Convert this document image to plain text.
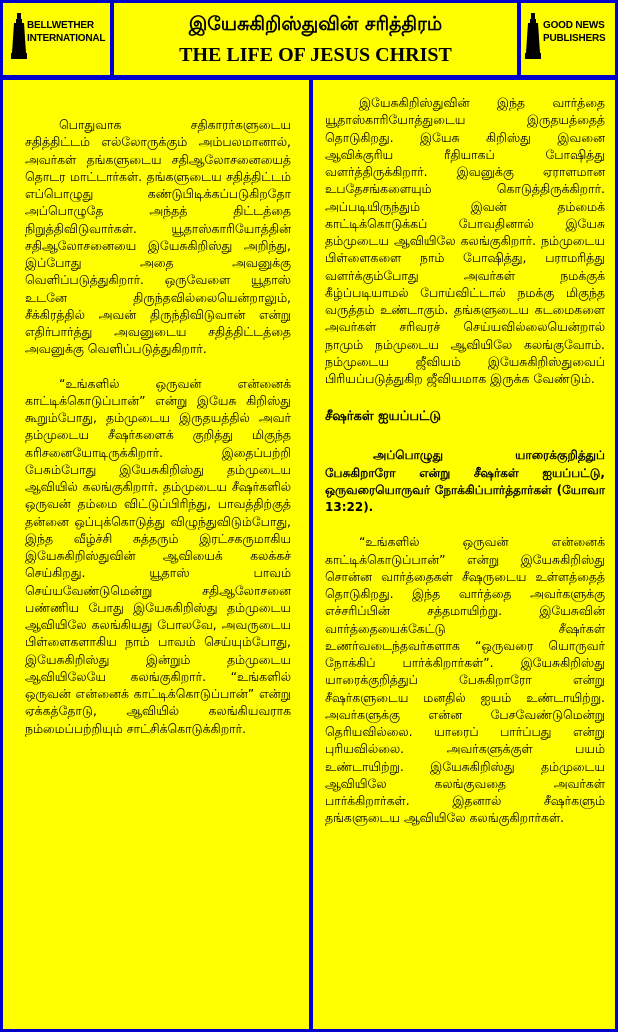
BELLWETHER
INTERNATIONAL
இயேசுகிறிஸ்துவின் சரித்திரம்
THE LIFE OF JESUS CHRIST
GOOD NEWS
PUBLISHERS

பொதுவாக சதிகாரர்களுடைய சதித்திட்டம் எல்லோருக்கும் அம்பலமானால், அவர்கள் தங்களுடைய சதிஆலோசனையைத் தொடர மாட்டார்கள். தங்களுடைய சதித்திட்டம் எப்பொழுது கண்டுபிடிக்கப்படுகிறதோ அப்பொழுதே அந்தத் திட்டத்தை நிறுத்திவிடுவார்கள். யூதாஸ்காரியோத்தின் சதிஆலோசனையை இயேசுகிறிஸ்து அறிந்து, இப்போது அதை அவனுக்கு வெளிப்படுத்துகிறார். ஒருவேளை யூதாஸ் உடனே திருந்தவில்லையென்றாலும், சீக்கிரத்தில் அவன் திருந்திவிடுவான் என்று எதிர்பார்த்து அவனுடைய சதித்திட்டத்தை அவனுக்கு வெளிப்படுத்துகிறார்.

“உங்களில் ஒருவன் என்னைக் காட்டிக்கொடுப்பான்” என்று இயேசு கிறிஸ்து கூறும்போது, தம்முடைய இருதயத்தில் அவர் தம்முடைய சீஷர்களைக் குறித்து மிகுந்த கரிசனையோடிருக்கிறார். இதைப்பற்றி பேசும்போது இயேசுகிறிஸ்து தம்முடைய ஆவியில் கலங்குகிறார். தம்முடைய சீஷர்களில் ஒருவன் தம்மை விட்டுப்பிரிந்து, பாவத்திற்குத் தன்னை ஒப்புக்கொடுத்து விழுந்துவிடும்போது, இந்த வீழ்ச்சி சுத்தரும் இரட்சகருமாகிய இயேசுகிறிஸ்துவின் ஆவியைக் கலக்கச் செய்கிறது. யூதாஸ் பாவம் செய்யவேண்டுமென்று சதிஆலோசனை பண்ணிய போது இயேசுகிறிஸ்து தம்முடைய ஆவியிலே கலங்கியது போலவே, அவருடைய பிள்ளைகளாகிய நாம் பாவம் செய்யும்போது, இயேசுகிறிஸ்து இன்றும் தம்முடைய ஆவியிலேயே கலங்குகிறார். “உங்களில் ஒருவன் என்னைக் காட்டிக்கொடுப்பான்” என்று ஏக்கத்தோடு, ஆவியில் கலங்கியவராக நம்மைப்பற்றியும் சாட்சிக்கொடுக்கிறார்.

இயேசுகிறிஸ்துவின் இந்த வார்த்தை யூதாஸ்காரியோத்துடைய இருதயத்தைத் தொடுகிறது. இயேசு கிறிஸ்து இவனை ஆவிக்குரிய ரீதியாகப் போஷித்து வளர்த்திருக்கிறார். இவனுக்கு ஏராளமான உபதேசங்களையும் கொடுத்திருக்கிறார். அப்படியிருந்தும் இவன் தம்மைக் காட்டிக்கொடுக்கப் போவதினால் இயேசு தம்முடைய ஆவியிலே கலங்குகிறார். நம்முடைய பிள்ளைகளை நாம் போஷித்து, பராமரித்து வளர்க்கும்போது அவர்கள் நமக்குக் கீழ்ப்படியாமல் போய்விட்டால் நமக்கு மிகுந்த வருத்தம் உண்டாகும். தங்களுடைய கடமைகளை அவர்கள் சரிவரச் செய்யவில்லையென்றால் நாமும் நம்முடைய ஆவியிலே கலங்குவோம். நம்முடைய ஜீவியம் இயேசுகிறிஸ்துவைப் பிரியப்படுத்துகிற ஜீவியமாக இருக்க வேண்டும்.

சீஷர்கள் ஐயப்பட்டு

அப்பொழுது யாரைக்குறித்துப் பேசுகிறாரோ என்று சீஷர்கள் ஐயப்பட்டு, ஒருவரையொருவர் நோக்கிப்பார்த்தார்கள் (யோவா 13:22).

“உங்களில் ஒருவன் என்னைக் காட்டிக்கொடுப்பான்” என்று இயேசுகிறிஸ்து சொன்ன வார்த்தைகள் சீஷருடைய உள்ளத்தைத் தொடுகிறது. இந்த வார்த்தை அவர்களுக்கு எச்சரிப்பின் சத்தமாயிற்று. இயேசுவின் வார்த்தையைக்கேட்டு சீஷர்கள் உணர்வடைந்தவர்களாக “ஒருவரை யொருவர் நோக்கிப் பார்க்கிறார்கள்”. இயேசுகிறிஸ்து யாரைக்குறித்துப் பேசுகிறாரோ என்று சீஷர்களுடைய மனதில் ஐயம் உண்டாயிற்று. அவர்களுக்கு என்ன பேசவேண்டுமென்று தெரியவில்லை. யாரைப் பார்ப்பது என்று புரியவில்லை. அவர்களுக்குள் பயம் உண்டாயிற்று. இயேசுகிறிஸ்து தம்முடைய ஆவியிலே கலங்குவதை அவர்கள் பார்க்கிறார்கள். இதனால் சீஷர்களும் தங்களுடைய ஆவியிலே கலங்குகிறார்கள்.
